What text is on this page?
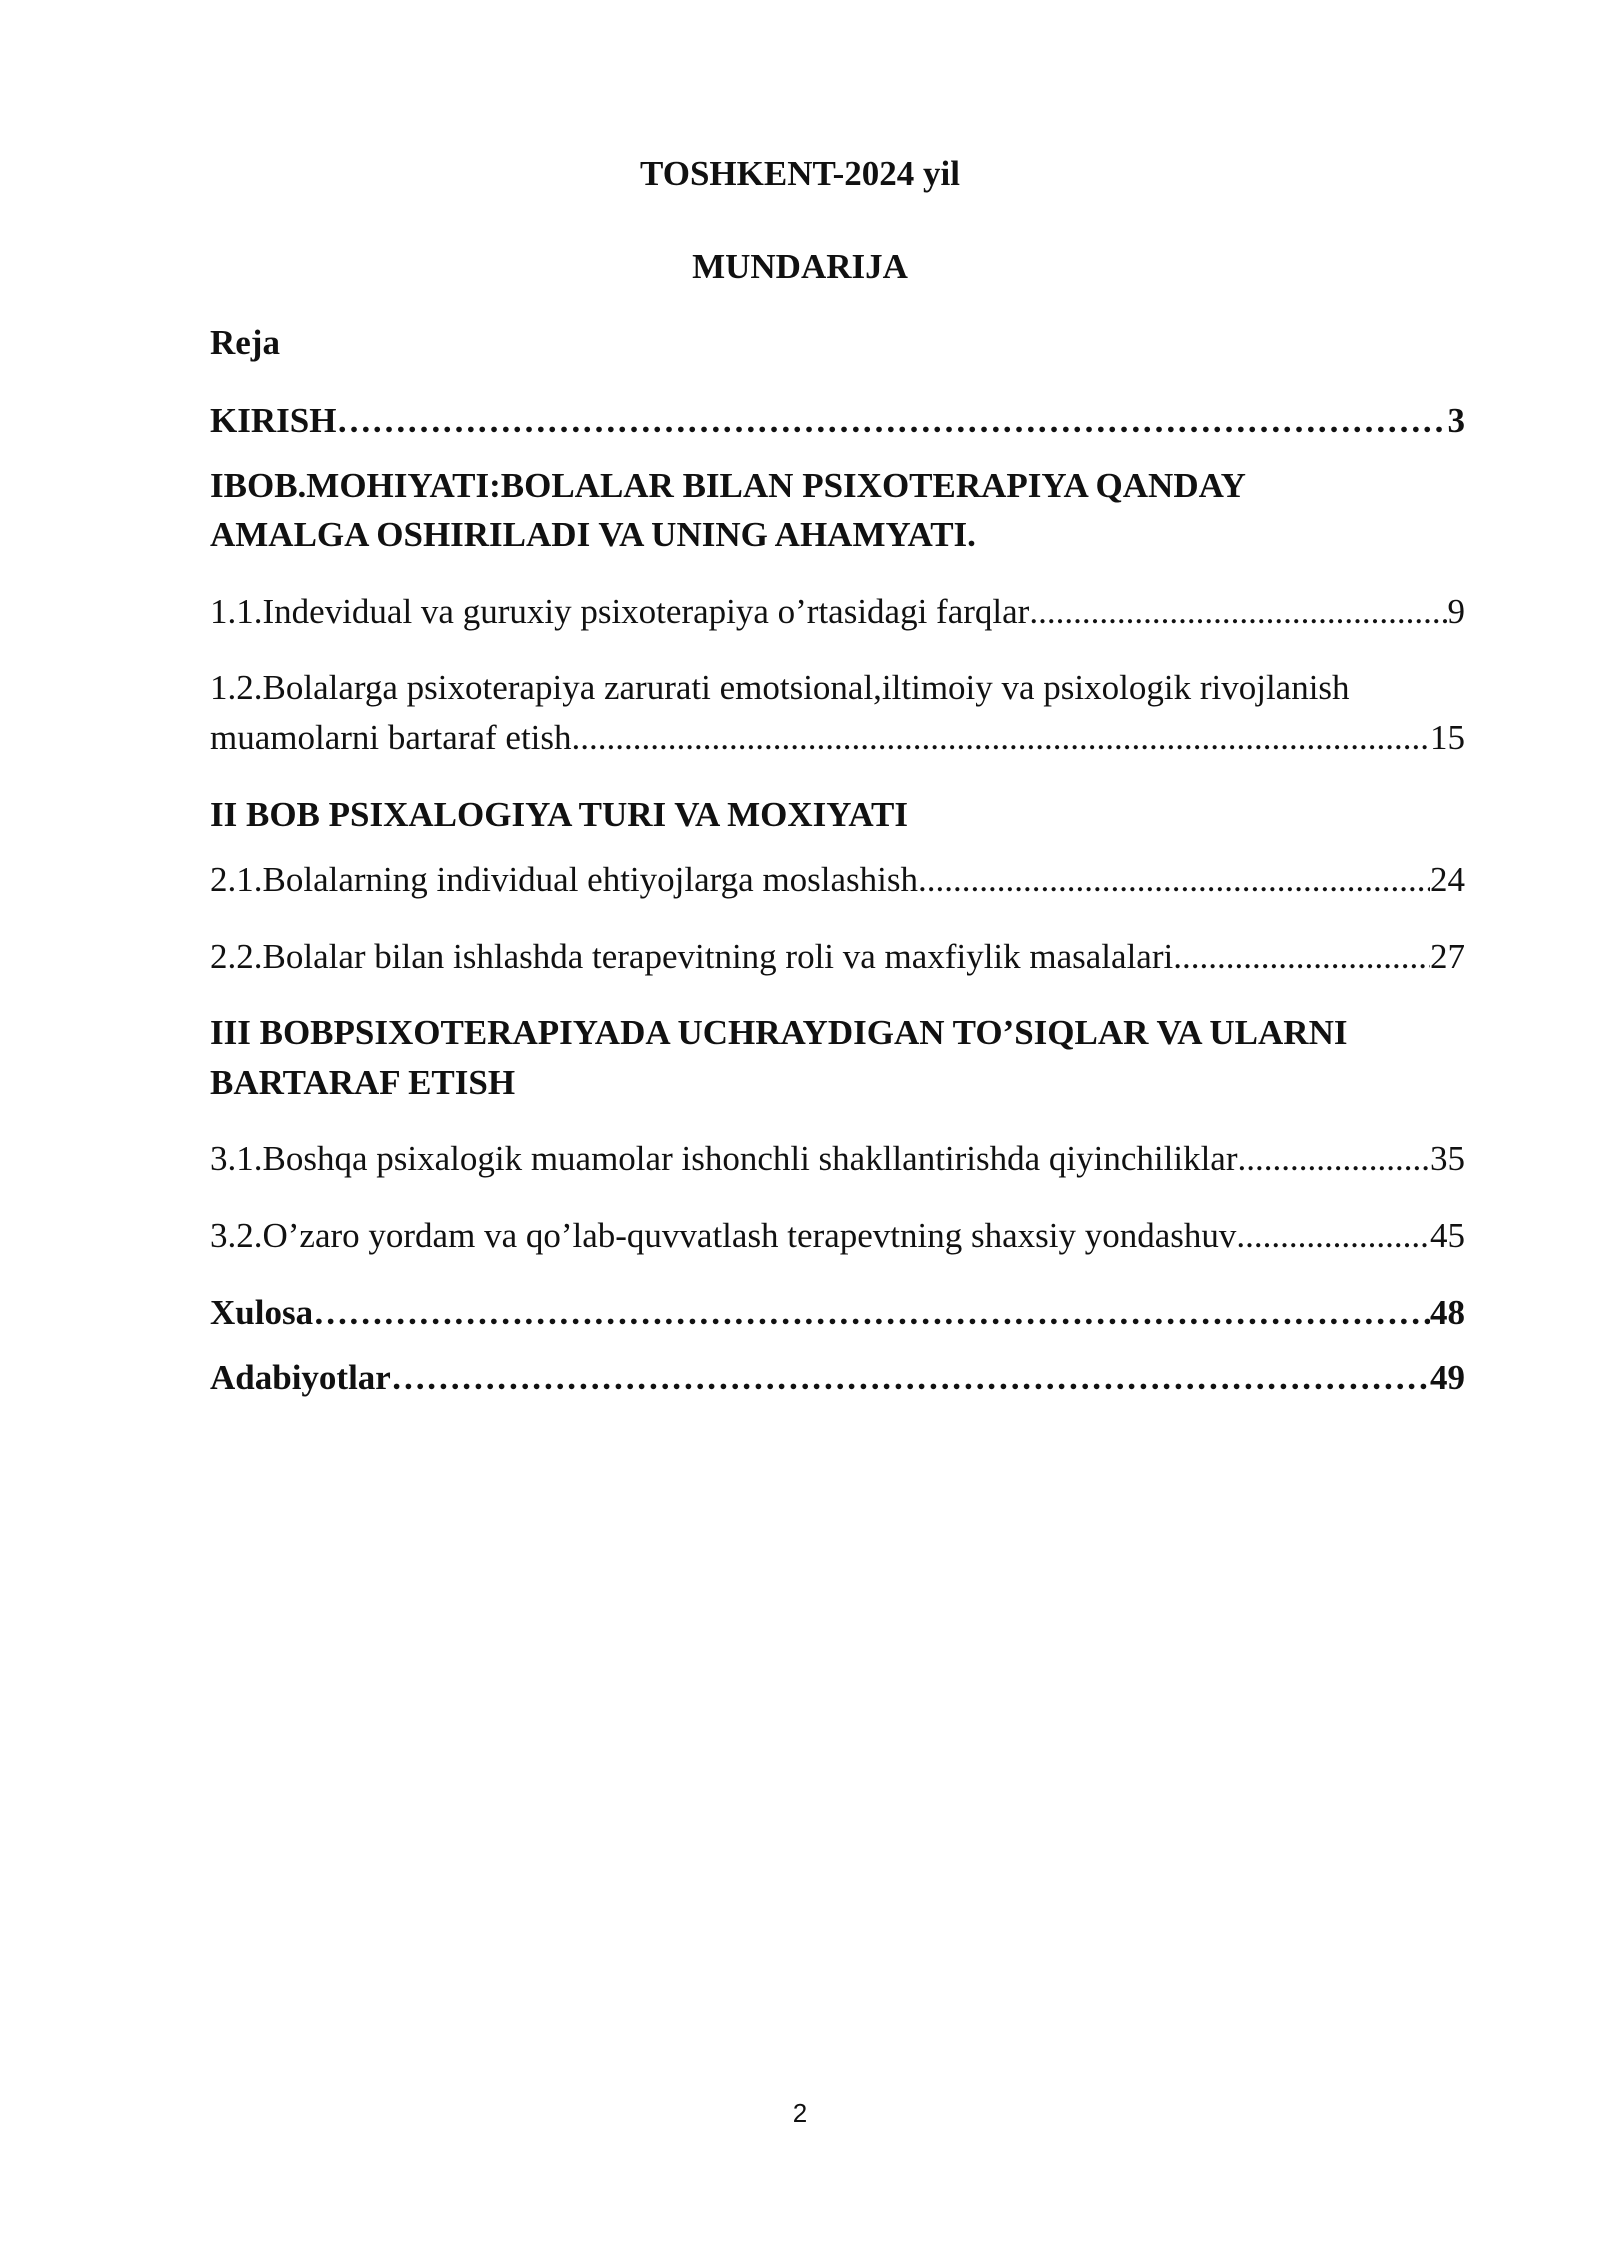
TOSHKENT-2024 yil
MUNDARIJA
Reja
KIRISH …………………………………………………………………………………………………………………………………………………………………………………………………………………………………………………………	3
IBOB.MOHIYATI:BOLALAR BILAN PSIXOTERAPIYA QANDAY
AMALGA OSHIRILADI VA UNING AHAMYATI.
1.1.Indevidual va guruxiy psixoterapiya o’rtasidagi farqlar .....	9
1.2.Bolalarga psixoterapiya zarurati emotsional,iltimoiy va psixologik rivojlanish
muamolarni bartaraf etish .....	15
II BOB PSIXALOGIYA TURI VA MOXIYATI
2.1.Bolalarning individual ehtiyojlarga moslashish .....	24
2.2.Bolalar bilan ishlashda terapevitning roli va maxfiylik masalalari .....	27
III BOBPSIXOTERAPIYADA UCHRAYDIGAN TO’SIQLAR VA ULARNI
BARTARAF ETISH
3.1.Boshqa psixalogik muamolar ishonchli shakllantirishda qiyinchiliklar .....	35
3.2.O’zaro yordam va qo’lab-quvvatlash terapevtning shaxsiy yondashuv .....	45
Xulosa …………………………………………………………………………………………………………………………………………………………………………………………………………………………………………………………	48
Adabiyotlar …………………………………………………………………………………………………………………………………………………………………………………………………………………………………………………………	49
2
